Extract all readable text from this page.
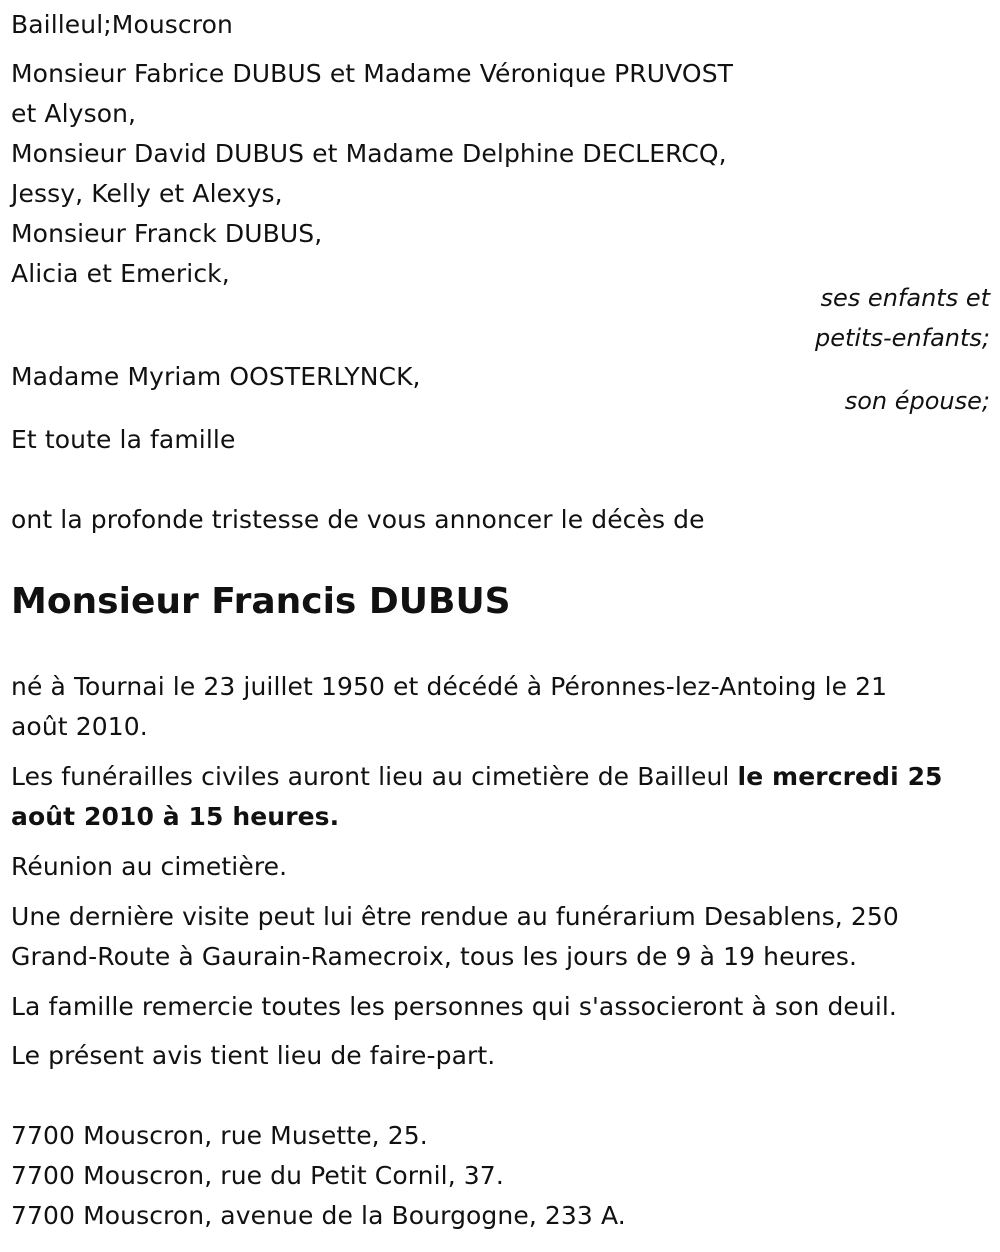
Bailleul;Mouscron
Monsieur Fabrice DUBUS et Madame Véronique PRUVOST
et Alyson,
Monsieur David DUBUS et Madame Delphine DECLERCQ,
Jessy, Kelly et Alexys,
Monsieur Franck DUBUS,
Alicia et Emerick,
ses enfants et
petits-enfants;
Madame Myriam OOSTERLYNCK,
son épouse;
Et toute la famille
ont la profonde tristesse de vous annoncer le décès de
Monsieur Francis DUBUS
né à Tournai le 23 juillet 1950 et décédé à Péronnes-lez-Antoing le 21
août 2010.
Les funérailles civiles auront lieu au cimetière de Bailleul le mercredi 25
août 2010 à 15 heures.
Réunion au cimetière.
Une dernière visite peut lui être rendue au funérarium Desablens, 250
Grand-Route à Gaurain-Ramecroix, tous les jours de 9 à 19 heures.
La famille remercie toutes les personnes qui s'associeront à son deuil.
Le présent avis tient lieu de faire-part.
7700 Mouscron, rue Musette, 25.
7700 Mouscron, rue du Petit Cornil, 37.
7700 Mouscron, avenue de la Bourgogne, 233 A.
